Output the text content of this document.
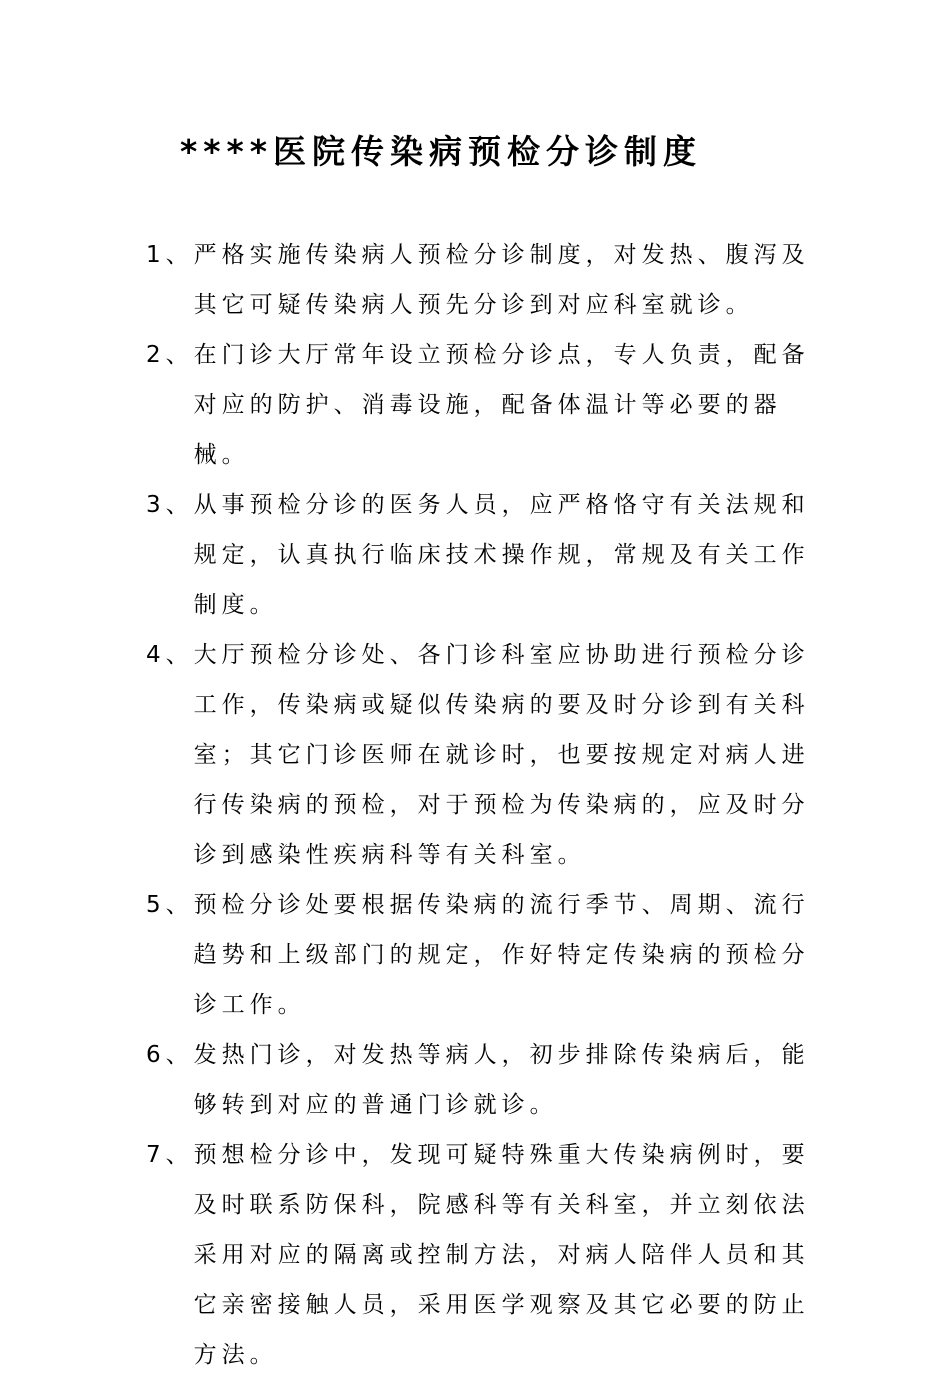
****医院传染病预检分诊制度
1、 严格实施传染病人预检分诊制度，对发热、腹泻及其它可疑传染病人预先分诊到对应科室就诊。
2、 在门诊大厅常年设立预检分诊点，专人负责，配备对应的防护、消毒设施，配备体温计等必要的器械。
3、 从事预检分诊的医务人员，应严格恪守有关法规和规定，认真执行临床技术操作规，常规及有关工作制度。
4、 大厅预检分诊处、各门诊科室应协助进行预检分诊工作，传染病或疑似传染病的要及时分诊到有关科室；其它门诊医师在就诊时，也要按规定对病人进行传染病的预检，对于预检为传染病的，应及时分诊到感染性疾病科等有关科室。
5、 预检分诊处要根据传染病的流行季节、周期、流行趋势和上级部门的规定，作好特定传染病的预检分诊工作。
6、 发热门诊，对发热等病人，初步排除传染病后，能够转到对应的普通门诊就诊。
7、 预想检分诊中，发现可疑特殊重大传染病例时，要及时联系防保科，院感科等有关科室，并立刻依法采用对应的隔离或控制方法，对病人陪伴人员和其它亲密接触人员，采用医学观察及其它必要的防止方法。
